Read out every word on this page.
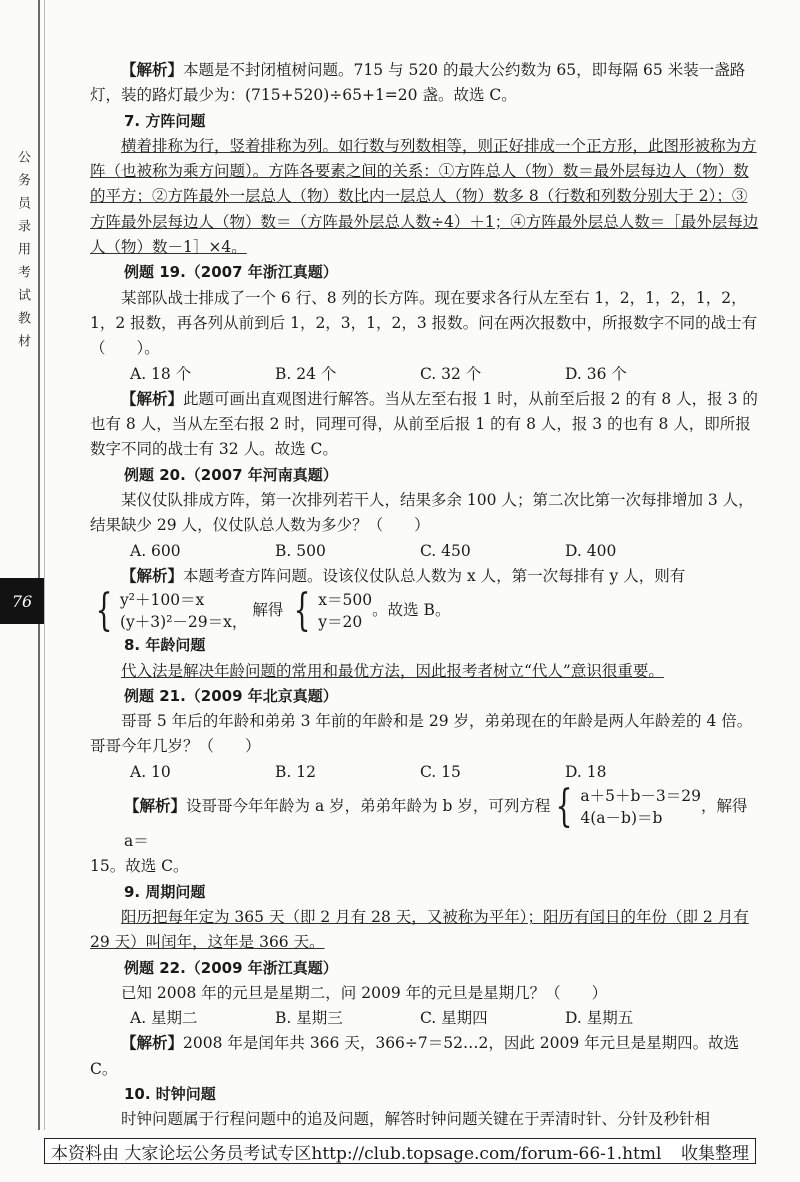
公务员录用考试教材
76

【解析】本题是不封闭植树问题。715 与 520 的最大公约数为 65，即每隔 65 米装一盏路灯，装的路灯最少为：(715+520)÷65+1=20 盏。故选 C。

7. 方阵问题

横着排称为行，竖着排称为列。如行数与列数相等，则正好排成一个正方形，此图形被称为方阵（也被称为乘方问题）。方阵各要素之间的关系：①方阵总人（物）数＝最外层每边人（物）数的平方；②方阵最外一层总人（物）数比内一层总人（物）数多 8（行数和列数分别大于 2）；③方阵最外层每边人（物）数＝（方阵最外层总人数÷4）＋1；④方阵最外层总人数＝［最外层每边人（物）数－1］×4。

例题 19.（2007 年浙江真题）

某部队战士排成了一个 6 行、8 列的长方阵。现在要求各行从左至右 1，2，1，2，1，2，1，2 报数，再各列从前到后 1，2，3，1，2，3 报数。问在两次报数中，所报数字不同的战士有（　　）。

A. 18 个	B. 24 个	C. 32 个	D. 36 个

【解析】此题可画出直观图进行解答。当从左至右报 1 时，从前至后报 2 的有 8 人，报 3 的也有 8 人，当从左至右报 2 时，同理可得，从前至后报 1 的有 8 人，报 3 的也有 8 人，即所报数字不同的战士有 32 人。故选 C。

例题 20.（2007 年河南真题）

某仪仗队排成方阵，第一次排列若干人，结果多余 100 人；第二次比第一次每排增加 3 人，结果缺少 29 人，仪仗队总人数为多少？（　　）

A. 600	B. 500	C. 450	D. 400

【解析】本题考查方阵问题。设该仪仗队总人数为 x 人，第一次每排有 y 人，则有

{ y²＋100＝x
(y＋3)²－29＝x，
解得 { x＝500
y＝20
。故选 B。

8. 年龄问题

代入法是解决年龄问题的常用和最优方法，因此报考者树立“代人”意识很重要。

例题 21.（2009 年北京真题）

哥哥 5 年后的年龄和弟弟 3 年前的年龄和是 29 岁，弟弟现在的年龄是两人年龄差的 4 倍。哥哥今年几岁？（　　）

A. 10	B. 12	C. 15	D. 18
【解析】设哥哥今年年龄为 a 岁，弟弟年龄为 b 岁，可列方程 { a＋5＋b－3＝29
4(a－b)＝b
，解得 a＝

15。故选 C。

9. 周期问题

阳历把每年定为 365 天（即 2 月有 28 天，又被称为平年）；阳历有闰日的年份（即 2 月有 29 天）叫闰年，这年是 366 天。

例题 22.（2009 年浙江真题）

已知 2008 年的元旦是星期二，问 2009 年的元旦是星期几？（　　）

A. 星期二	B. 星期三	C. 星期四	D. 星期五

【解析】2008 年是闰年共 366 天，366÷7＝52…2，因此 2009 年元旦是星期四。故选 C。

10. 时钟问题

时钟问题属于行程问题中的追及问题，解答时钟问题关键在于弄清时针、分针及秒针相

本资料由 大家论坛公务员考试专区http://club.topsage.com/forum-66-1.html 收集整理
